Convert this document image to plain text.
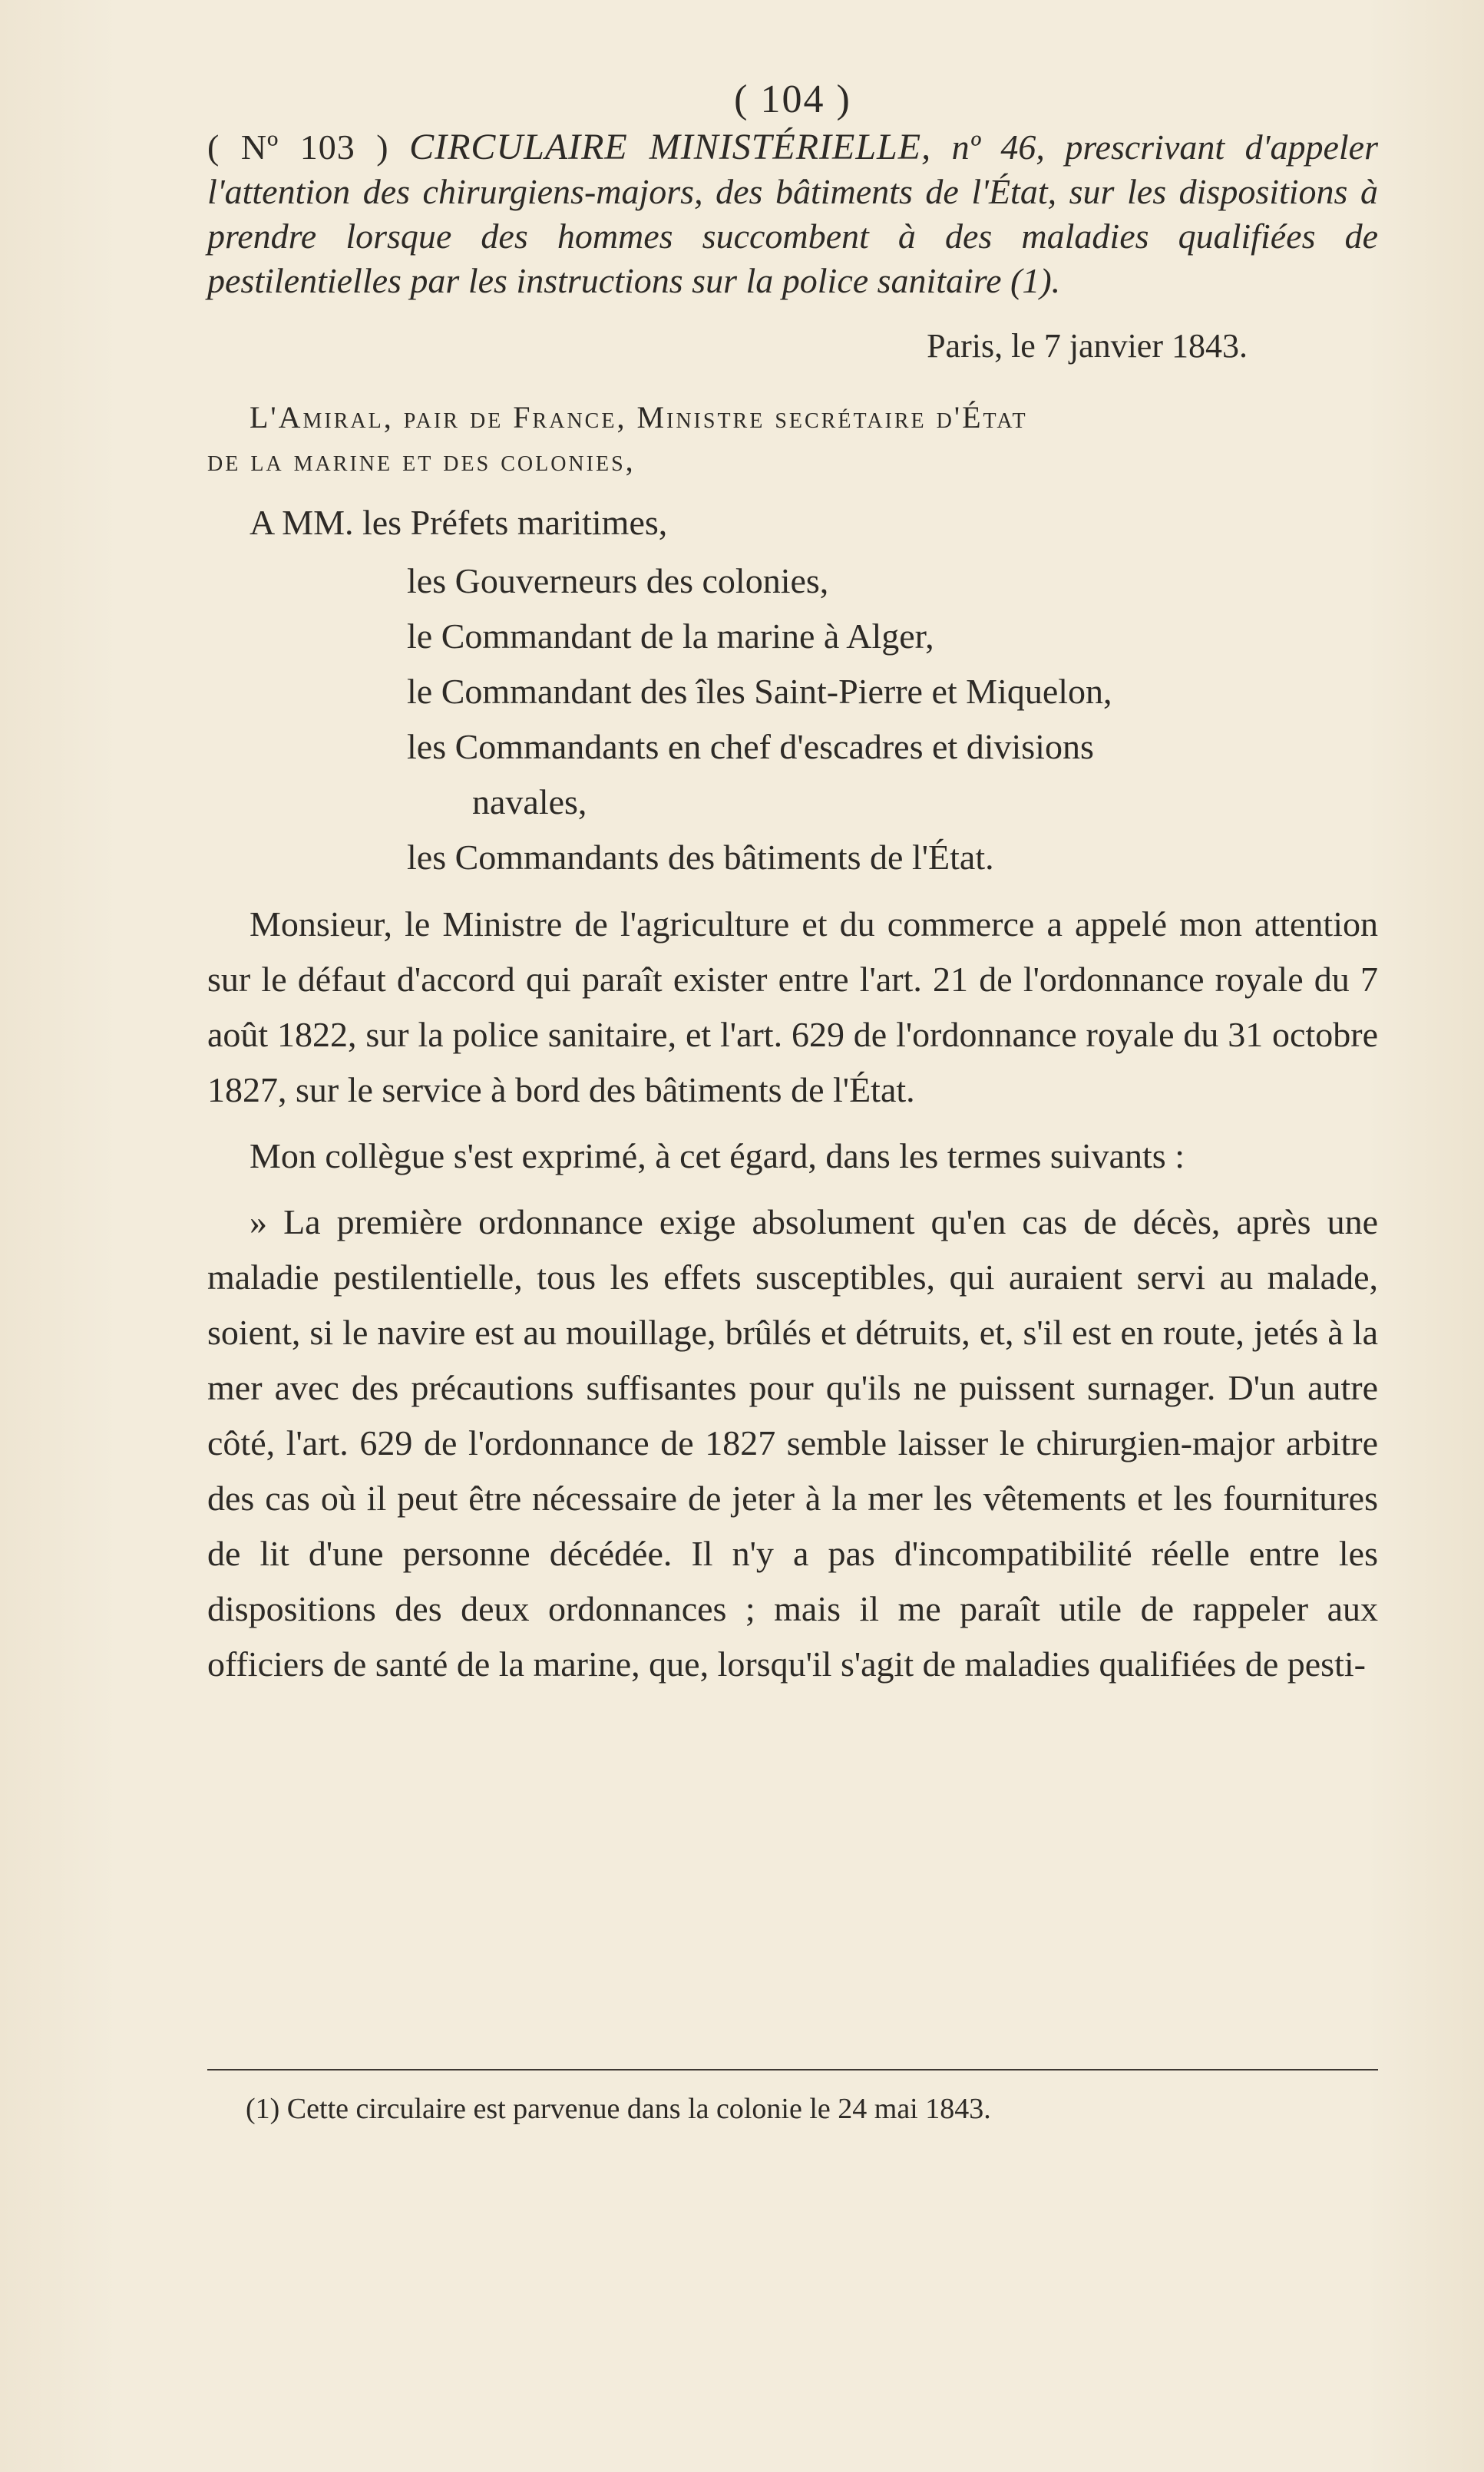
( 104 )

( Nº 103 ) CIRCULAIRE MINISTÉRIELLE, nº 46, prescrivant d'appeler l'attention des chirurgiens-majors, des bâtiments de l'État, sur les dispositions à prendre lorsque des hommes succombent à des maladies qualifiées de pestilentielles par les instructions sur la police sanitaire (1).

Paris, le 7 janvier 1843.

L'Amiral, pair de France, Ministre secrétaire d'État

de la marine et des colonies,

A MM. les Préfets maritimes,

les Gouverneurs des colonies,

le Commandant de la marine à Alger,

le Commandant des îles Saint-Pierre et Miquelon,

les Commandants en chef d'escadres et divisions

navales,

les Commandants des bâtiments de l'État.

Monsieur, le Ministre de l'agriculture et du commerce a appelé mon attention sur le défaut d'accord qui paraît exister entre l'art. 21 de l'ordonnance royale du 7 août 1822, sur la police sanitaire, et l'art. 629 de l'ordonnance royale du 31 octobre 1827, sur le service à bord des bâtiments de l'État.

Mon collègue s'est exprimé, à cet égard, dans les termes suivants :

» La première ordonnance exige absolument qu'en cas de décès, après une maladie pestilentielle, tous les effets susceptibles, qui auraient servi au malade, soient, si le navire est au mouillage, brûlés et détruits, et, s'il est en route, jetés à la mer avec des précautions suffisantes pour qu'ils ne puissent surnager. D'un autre côté, l'art. 629 de l'ordonnance de 1827 semble laisser le chirurgien-major arbitre des cas où il peut être nécessaire de jeter à la mer les vêtements et les fournitures de lit d'une personne décédée. Il n'y a pas d'incompatibilité réelle entre les dispositions des deux ordonnances ; mais il me paraît utile de rappeler aux officiers de santé de la marine, que, lorsqu'il s'agit de maladies qualifiées de pesti-

(1) Cette circulaire est parvenue dans la colonie le 24 mai 1843.
